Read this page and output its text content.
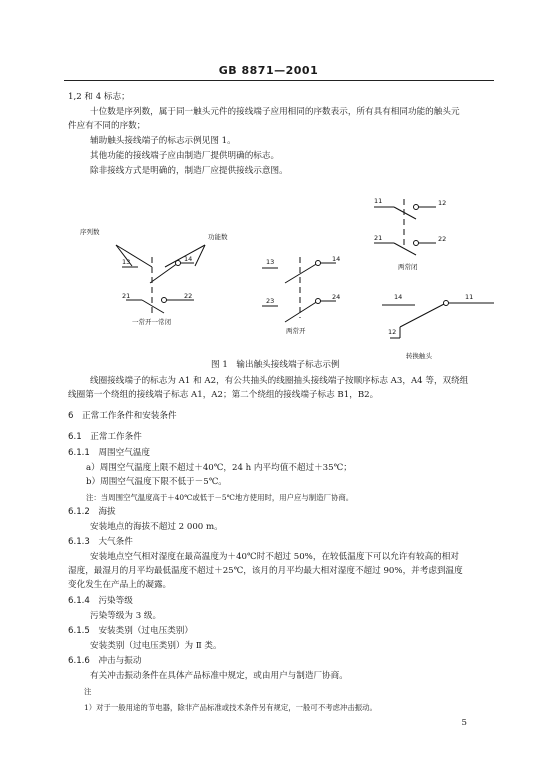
GB 8871—2001
1,2 和 4 标志；
十位数是序列数，属于同一触头元件的接线端子应用相同的序数表示，所有具有相同功能的触头元
件应有不同的序数；
辅助触头接线端子的标志示例见图 1。
其他功能的接线端子应由制造厂提供明确的标志。
除非接线方式是明确的，制造厂应提供接线示意图。
序列数
功能数
13	14
21	22
一常开一常闭
13	14
23	24
两常开
11	12
21	22
两常闭
14	11
12
转换触头
图 1　输出触头接线端子标志示例
线圈接线端子的标志为 A1 和 A2，有公共抽头的线圈抽头接线端子按顺序标志 A3，A4 等，双绕组
线圈第一个绕组的接线端子标志 A1，A2；第二个绕组的接线端子标志 B1，B2。
6　正常工作条件和安装条件
6.1　正常工作条件
6.1.1　周围空气温度
a）周围空气温度上限不超过＋40℃，24 h 内平均值不超过＋35℃；
b）周围空气温度下限不低于－5℃。
注：当周围空气温度高于＋40℃或低于－5℃地方使用时，用户应与制造厂协商。
6.1.2　海拔
安装地点的海拔不超过 2 000 m。
6.1.3　大气条件
安装地点空气相对湿度在最高温度为＋40℃时不超过 50%，在较低温度下可以允许有较高的相对
湿度，最湿月的月平均最低温度不超过＋25℃，该月的月平均最大相对湿度不超过 90%，并考虑到温度
变化发生在产品上的凝露。
6.1.4　污染等级
污染等级为 3 级。
6.1.5　安装类别（过电压类别）
安装类别（过电压类别）为 Ⅱ 类。
6.1.6　冲击与振动
有关冲击振动条件在具体产品标准中规定，或由用户与制造厂协商。
注
1）对于一般用途的节电器，除非产品标准或技术条件另有规定，一般可不考虑冲击振动。
5
